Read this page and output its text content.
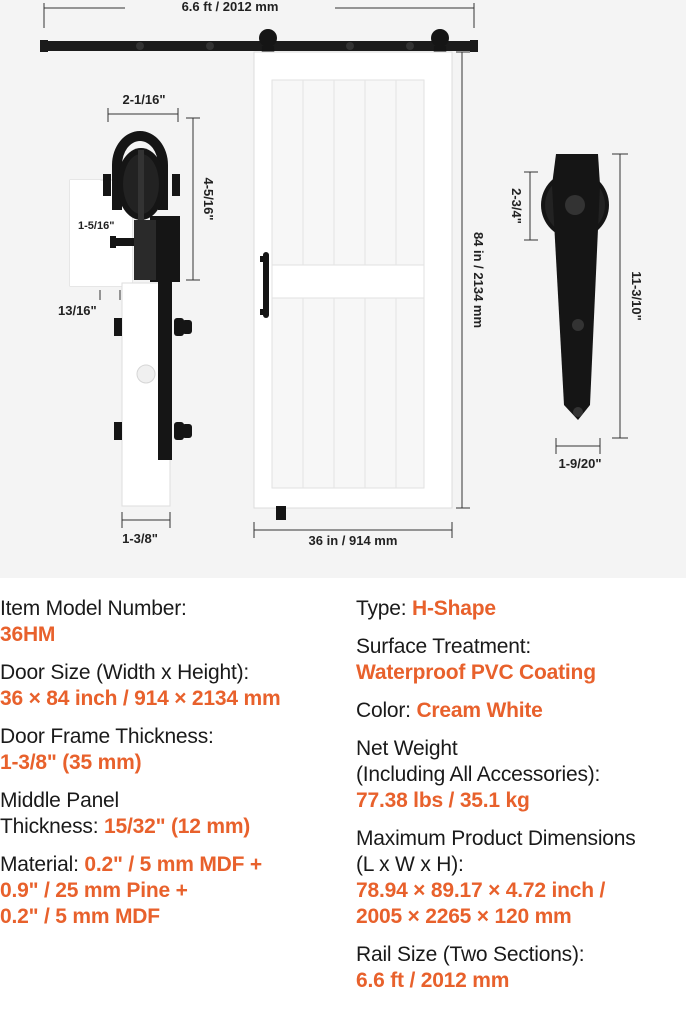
6.6 ft / 2012 mm
84 in / 2134 mm
36 in / 914 mm
2-1/16"
4-5/16"
1-5/16"
13/16"
1-3/8"
2-3/4"
11-3/10"
1-9/20"
Item Model Number:
36HM
Door Size (Width x Height):
36 × 84 inch / 914 × 2134 mm
Door Frame Thickness:
1-3/8" (35 mm)
Middle Panel
Thickness: 15/32" (12 mm)
Material: 0.2" / 5 mm MDF +
0.9" / 25 mm Pine +
0.2" / 5 mm MDF
Type: H-Shape
Surface Treatment:
Waterproof PVC Coating
Color: Cream White
Net Weight
(Including All Accessories):
77.38 lbs / 35.1 kg
Maximum Product Dimensions
(L x W x H):
78.94 × 89.17 × 4.72 inch /
2005 × 2265 × 120 mm
Rail Size (Two Sections):
6.6 ft / 2012 mm
